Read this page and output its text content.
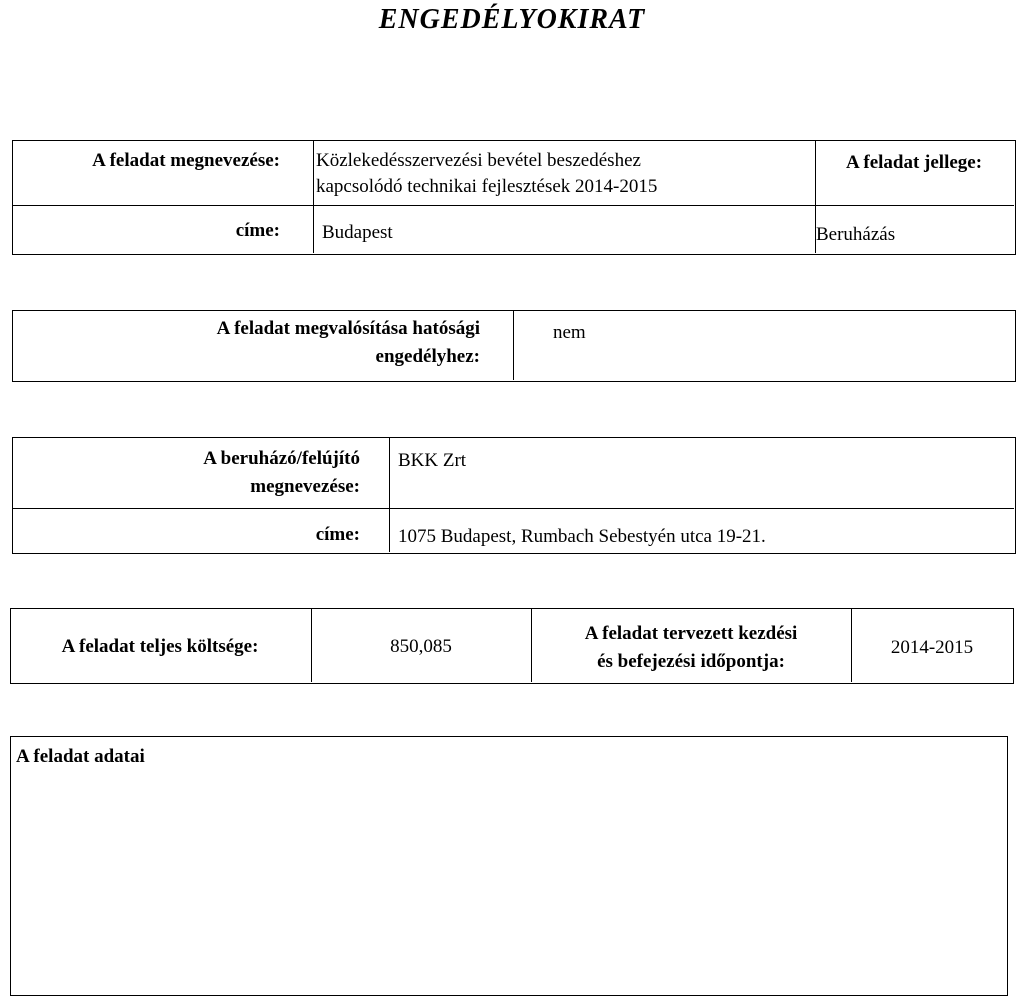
ENGEDÉLYOKIRAT
A feladat megnevezése: Közlekedésszervezési bevétel beszedéshez
kapcsolódó technikai fejlesztések 2014-2015
A feladat jellege:
címe: Budapest	Beruházás
A feladat megvalósítása hatósági
engedélyhez:
nem
A beruházó/felújító
megnevezése:
BKK Zrt
címe: 1075 Budapest, Rumbach Sebestyén utca 19-21.
A feladat teljes költsége:	850,085
A feladat tervezett kezdési
és befejezési időpontja:
2014-2015
A feladat adatai
